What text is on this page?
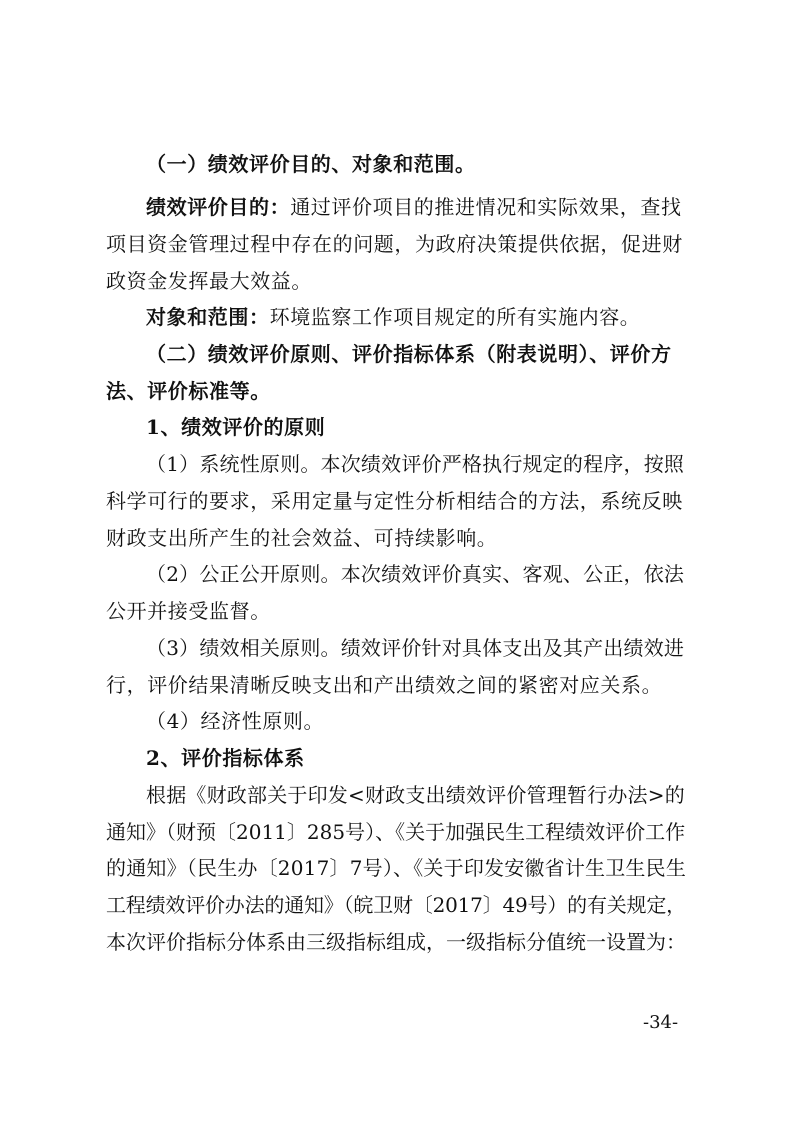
（一）绩效评价目的、对象和范围。
绩效评价目的：通过评价项目的推进情况和实际效果，查找
项目资金管理过程中存在的问题，为政府决策提供依据，促进财
政资金发挥最大效益。
对象和范围：环境监察工作项目规定的所有实施内容。
（二）绩效评价原则、评价指标体系（附表说明）、评价方
法、评价标准等。
1、绩效评价的原则
（1）系统性原则。本次绩效评价严格执行规定的程序，按照
科学可行的要求，采用定量与定性分析相结合的方法，系统反映
财政支出所产生的社会效益、可持续影响。
（2）公正公开原则。本次绩效评价真实、客观、公正，依法
公开并接受监督。
（3）绩效相关原则。绩效评价针对具体支出及其产出绩效进
行，评价结果清晰反映支出和产出绩效之间的紧密对应关系。
（4）经济性原则。
2、评价指标体系
根据《财政部关于印发<财政支出绩效评价管理暂行办法>的
通知》（财预〔2011〕285号）、《关于加强民生工程绩效评价工作
的通知》（民生办〔2017〕7号）、《关于印发安徽省计生卫生民生
工程绩效评价办法的通知》（皖卫财〔2017〕49号）的有关规定，
本次评价指标分体系由三级指标组成，一级指标分值统一设置为：
-34-
